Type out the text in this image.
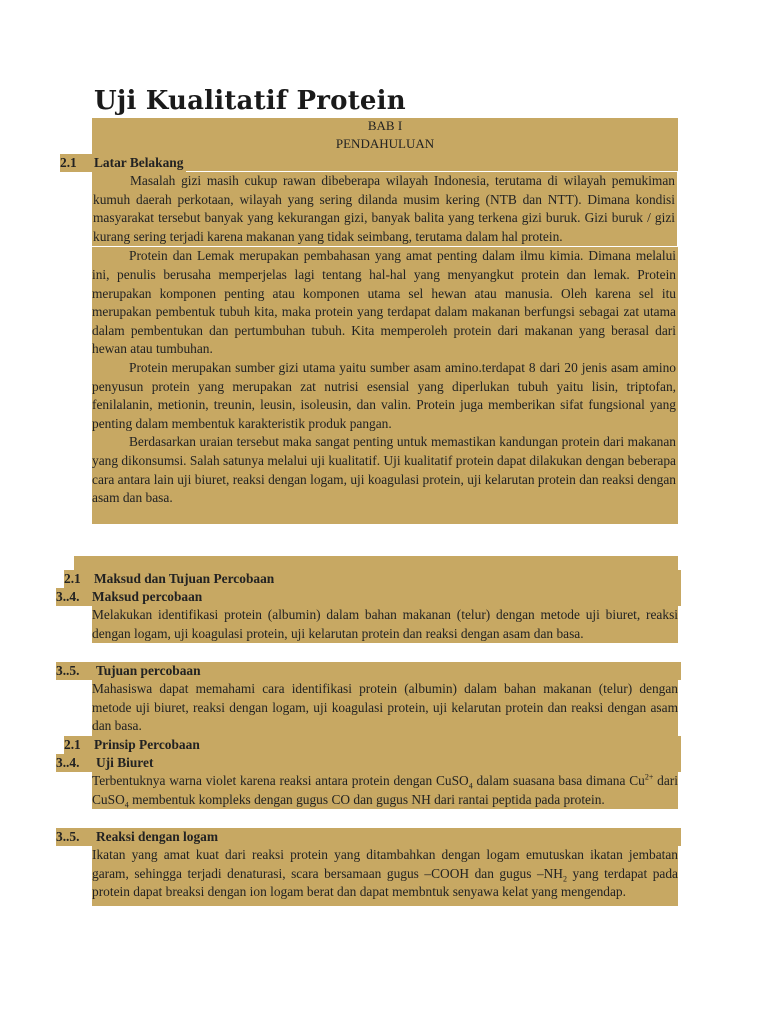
Uji Kualitatif Protein
BAB I
PENDAHULUAN

Masalah gizi masih cukup rawan dibeberapa wilayah Indonesia, terutama di wilayah pemukiman kumuh daerah perkotaan, wilayah yang sering dilanda musim kering (NTB dan NTT). Dimana kondisi masyarakat tersebut banyak yang kekurangan gizi, banyak balita yang terkena gizi buruk. Gizi buruk / gizi kurang sering terjadi karena makanan yang tidak seimbang, terutama dalam hal protein.

Protein dan Lemak merupakan pembahasan yang amat penting dalam ilmu kimia. Dimana melalui ini, penulis berusaha memperjelas lagi tentang hal-hal yang menyangkut protein dan lemak. Protein merupakan komponen penting atau komponen utama sel hewan atau manusia. Oleh karena sel itu merupakan pembentuk tubuh kita, maka protein yang terdapat dalam makanan berfungsi sebagai zat utama dalam pembentukan dan pertumbuhan tubuh. Kita memperoleh protein dari makanan yang berasal dari hewan atau tumbuhan.

Protein merupakan sumber gizi utama yaitu sumber asam amino.terdapat 8 dari 20 jenis asam amino penyusun protein yang merupakan zat nutrisi esensial yang diperlukan tubuh yaitu lisin, triptofan, fenilalanin, metionin, treunin, leusin, isoleusin, dan valin. Protein juga memberikan sifat fungsional yang penting dalam membentuk karakteristik produk pangan.

Berdasarkan uraian tersebut maka sangat penting untuk memastikan kandungan protein dari makanan yang dikonsumsi. Salah satunya melalui uji kualitatif. Uji kualitatif protein dapat dilakukan dengan beberapa cara antara lain uji biuret, reaksi dengan logam, uji koagulasi protein, uji kelarutan protein dan reaksi dengan asam dan basa.

2.1 Latar Belakang
2.1 Maksud dan Tujuan Percobaan
3..4. Maksud percobaan

Melakukan identifikasi protein (albumin) dalam bahan makanan (telur) dengan metode uji biuret, reaksi dengan logam, uji koagulasi protein, uji kelarutan protein dan reaksi dengan asam dan basa.

3..5. Tujuan percobaan

Mahasiswa dapat memahami cara identifikasi protein (albumin) dalam bahan makanan (telur) dengan metode uji biuret, reaksi dengan logam, uji koagulasi protein, uji kelarutan protein dan reaksi dengan asam dan basa.

2.1 Prinsip Percobaan
3..4. Uji Biuret

Terbentuknya warna violet karena reaksi antara protein dengan CuSO$_4$ dalam suasana basa dimana $Cu^{2+}$ dari CuSO$_4$ membentuk kompleks dengan gugus CO dan gugus NH dari rantai peptida pada protein.

3..5. Reaksi dengan logam

Ikatan yang amat kuat dari reaksi protein yang ditambahkan dengan logam emutuskan ikatan jembatan garam, sehingga terjadi denaturasi, scara bersamaan gugus –COOH dan gugus $-NH_2$ yang terdapat pada protein dapat breaksi dengan ion logam berat dan dapat membntuk senyawa kelat yang mengendap.
